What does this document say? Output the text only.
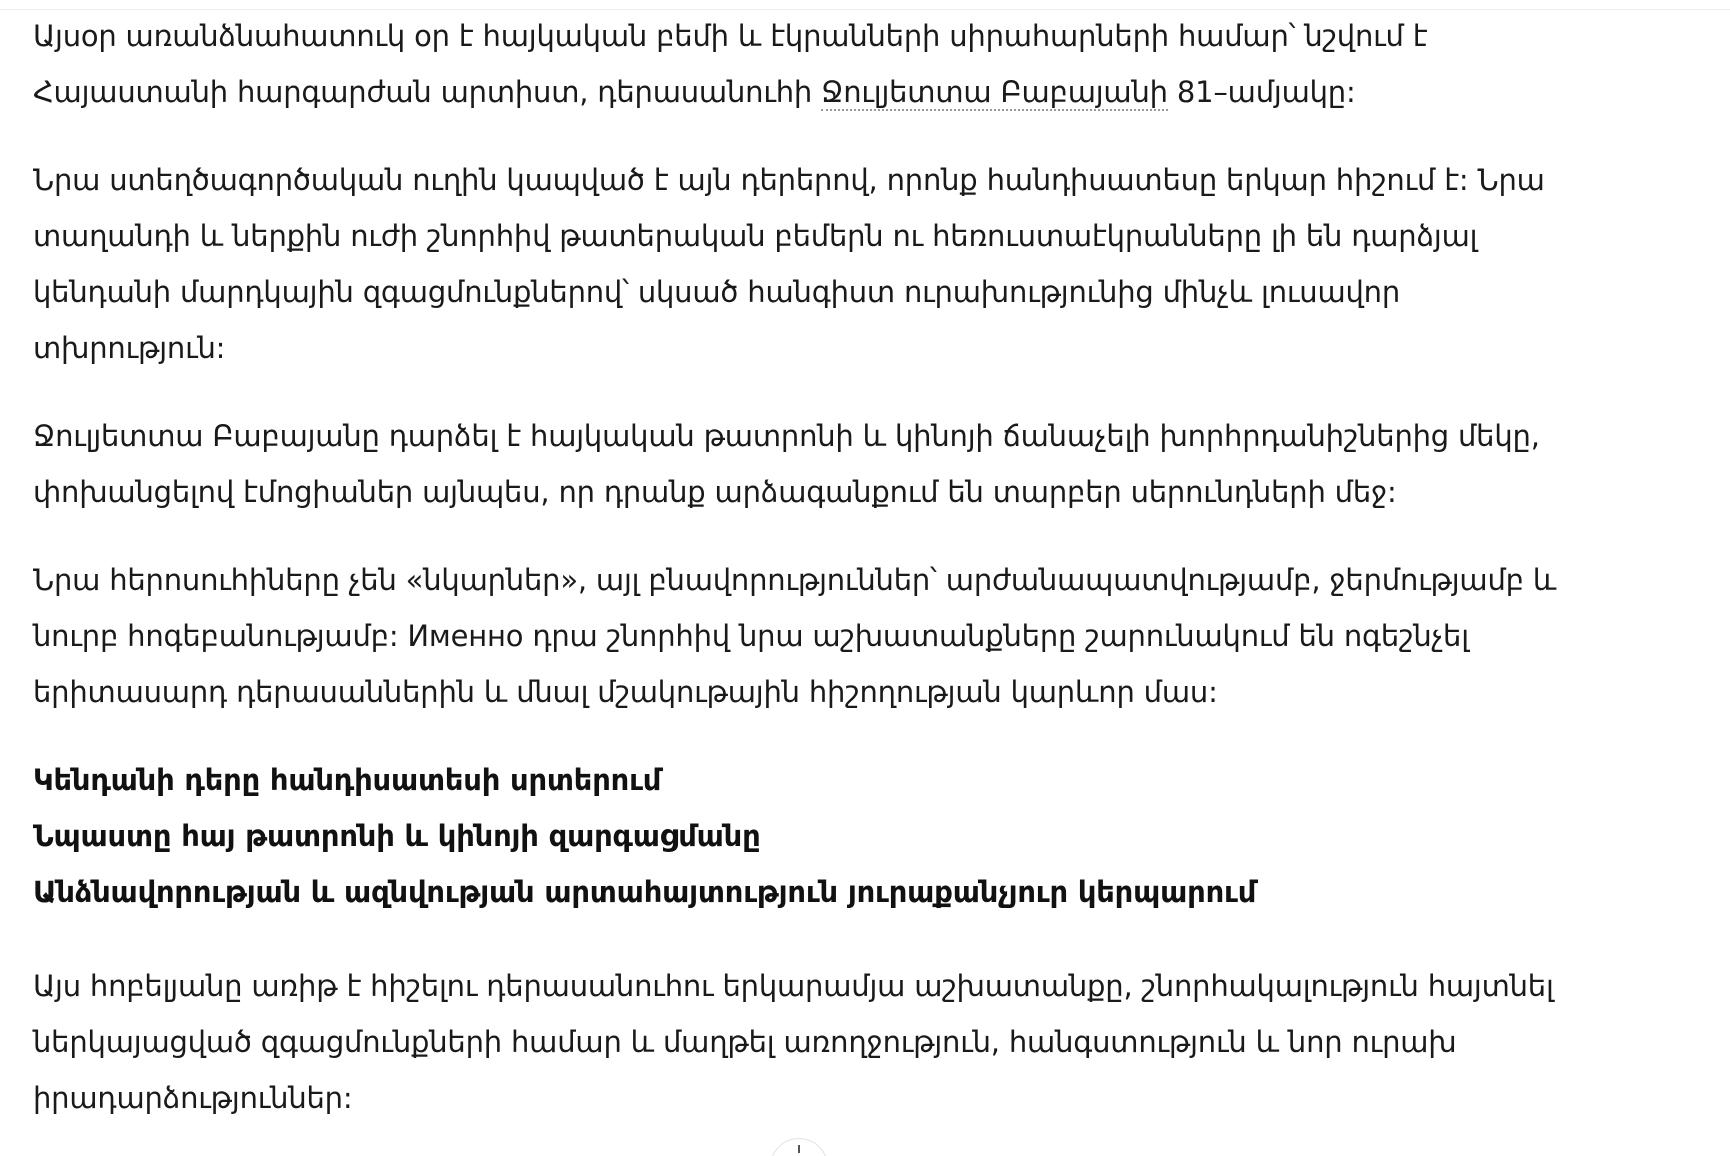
Այսօր առանձնահատուկ օր է հայկական բեմի և էկրանների սիրահարների համար՝ նշվում է
Հայաստանի հարգարժան արտիստ, դերասանուհի Ջուլյետտա Բաբայանի 81–ամյակը:

Նրա ստեղծագործական ուղին կապված է այն դերերով, որոնք հանդիսատեսը երկար հիշում է: Նրա
տաղանդի և ներքին ուժի շնորհիվ թատերական բեմերն ու հեռուստաէկրանները լի են դարձյալ
կենդանի մարդկային զգացմունքներով՝ սկսած հանգիստ ուրախությունից մինչև լուսավոր
տխրություն:

Ջուլյետտա Բաբայանը դարձել է հայկական թատրոնի և կինոյի ճանաչելի խորհրդանիշներից մեկը,
փոխանցելով էմոցիաներ այնպես, որ դրանք արձագանքում են տարբեր սերունդների մեջ:

Նրա հերոսուհիները չեն «նկարներ», այլ բնավորություններ՝ արժանապատվությամբ, ջերմությամբ և
նուրբ հոգեբանությամբ: Именно դրա շնորհիվ նրա աշխատանքները շարունակում են ոգեշնչել
երիտասարդ դերասաններին և մնալ մշակութային հիշողության կարևոր մաս:

Կենդանի դերը հանդիսատեսի սրտերում
Նպաստը հայ թատրոնի և կինոյի զարգացմանը
Անձնավորության և ազնվության արտահայտություն յուրաքանչյուր կերպարում

Այս հոբելյանը առիթ է հիշելու դերասանուհու երկարամյա աշխատանքը, շնորհակալություն հայտնել
ներկայացված զգացմունքների համար և մաղթել առողջություն, հանգստություն և նոր ուրախ
իրադարձություններ:
